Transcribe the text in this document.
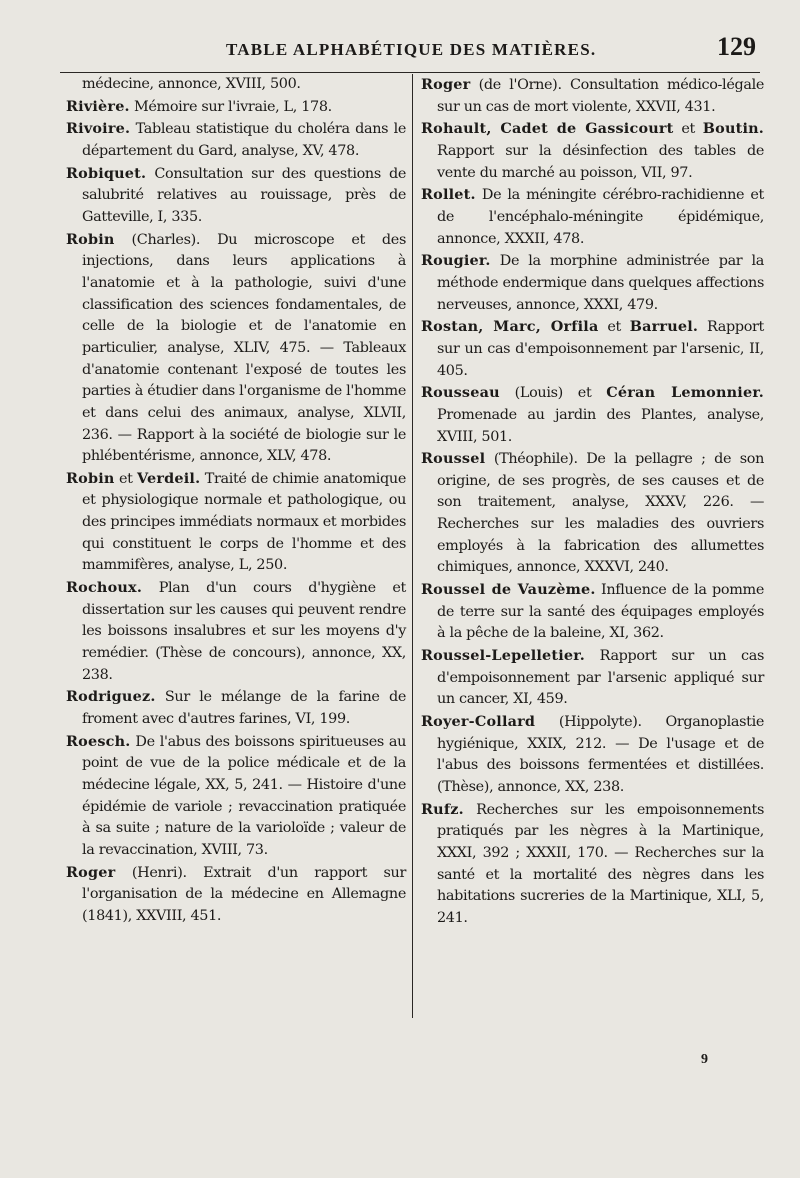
TABLE ALPHABÉTIQUE DES MATIÈRES.	129

médecine, annonce, XVIII, 500.

Rivière. Mémoire sur l'ivraie, L, 178.

Rivoire. Tableau statistique du choléra dans le département du Gard, analyse, XV, 478.

Robiquet. Consultation sur des questions de salubrité relatives au rouissage, près de Gatteville, I, 335.

Robin (Charles). Du microscope et des injections, dans leurs applications à l'anatomie et à la pathologie, suivi d'une classification des sciences fondamentales, de celle de la biologie et de l'anatomie en particulier, analyse, XLIV, 475. — Tableaux d'anatomie contenant l'exposé de toutes les parties à étudier dans l'organisme de l'homme et dans celui des animaux, analyse, XLVII, 236. — Rapport à la société de biologie sur le phlébentérisme, annonce, XLV, 478.

Robin et Verdeil. Traité de chimie anatomique et physiologique normale et pathologique, ou des principes immédiats normaux et morbides qui constituent le corps de l'homme et des mammifères, analyse, L, 250.

Rochoux. Plan d'un cours d'hygiène et dissertation sur les causes qui peuvent rendre les boissons insalubres et sur les moyens d'y remédier. (Thèse de concours), annonce, XX, 238.

Rodriguez. Sur le mélange de la farine de froment avec d'autres farines, VI, 199.

Roesch. De l'abus des boissons spiritueuses au point de vue de la police médicale et de la médecine légale, XX, 5, 241. — Histoire d'une épidémie de variole ; revaccination pratiquée à sa suite ; nature de la varioloïde ; valeur de la revaccination, XVIII, 73.

Roger (Henri). Extrait d'un rapport sur l'organisation de la médecine en Allemagne (1841), XXVIII, 451.

Roger (de l'Orne). Consultation médico-légale sur un cas de mort violente, XXVII, 431.

Rohault, Cadet de Gassicourt et Boutin. Rapport sur la désinfection des tables de vente du marché au poisson, VII, 97.

Rollet. De la méningite cérébro-rachidienne et de l'encéphalo-méningite épidémique, annonce, XXXII, 478.

Rougier. De la morphine administrée par la méthode endermique dans quelques affections nerveuses, annonce, XXXI, 479.

Rostan, Marc, Orfila et Barruel. Rapport sur un cas d'empoisonnement par l'arsenic, II, 405.

Rousseau (Louis) et Céran Lemonnier. Promenade au jardin des Plantes, analyse, XVIII, 501.

Roussel (Théophile). De la pellagre ; de son origine, de ses progrès, de ses causes et de son traitement, analyse, XXXV, 226. — Recherches sur les maladies des ouvriers employés à la fabrication des allumettes chimiques, annonce, XXXVI, 240.

Roussel de Vauzème. Influence de la pomme de terre sur la santé des équipages employés à la pêche de la baleine, XI, 362.

Roussel-Lepelletier. Rapport sur un cas d'empoisonnement par l'arsenic appliqué sur un cancer, XI, 459.

Royer-Collard (Hippolyte). Organoplastie hygiénique, XXIX, 212. — De l'usage et de l'abus des boissons fermentées et distillées. (Thèse), annonce, XX, 238.

Rufz. Recherches sur les empoisonnements pratiqués par les nègres à la Martinique, XXXI, 392 ; XXXII, 170. — Recherches sur la santé et la mortalité des nègres dans les habitations sucreries de la Martinique, XLI, 5, 241.

9
